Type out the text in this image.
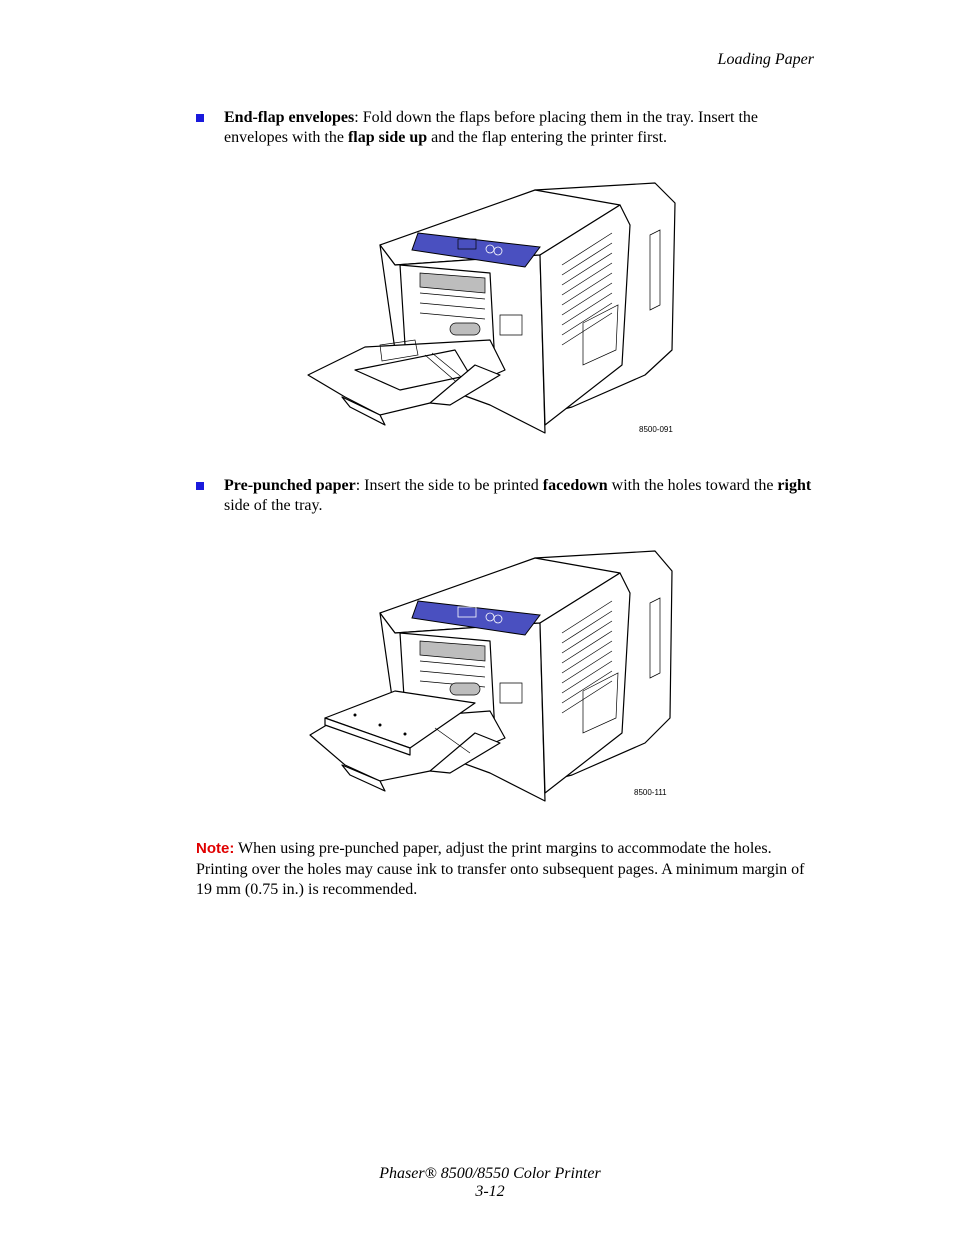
Loading Paper
End-flap envelopes: Fold down the flaps before placing them in the tray. Insert the envelopes with the flap side up and the flap entering the printer first.
8500-091
Pre-punched paper: Insert the side to be printed facedown with the holes toward the right side of the tray.
8500-111
Note: When using pre-punched paper, adjust the print margins to accommodate the holes. Printing over the holes may cause ink to transfer onto subsequent pages. A minimum margin of 19 mm (0.75 in.) is recommended.
Phaser® 8500/8550 Color Printer
3-12
